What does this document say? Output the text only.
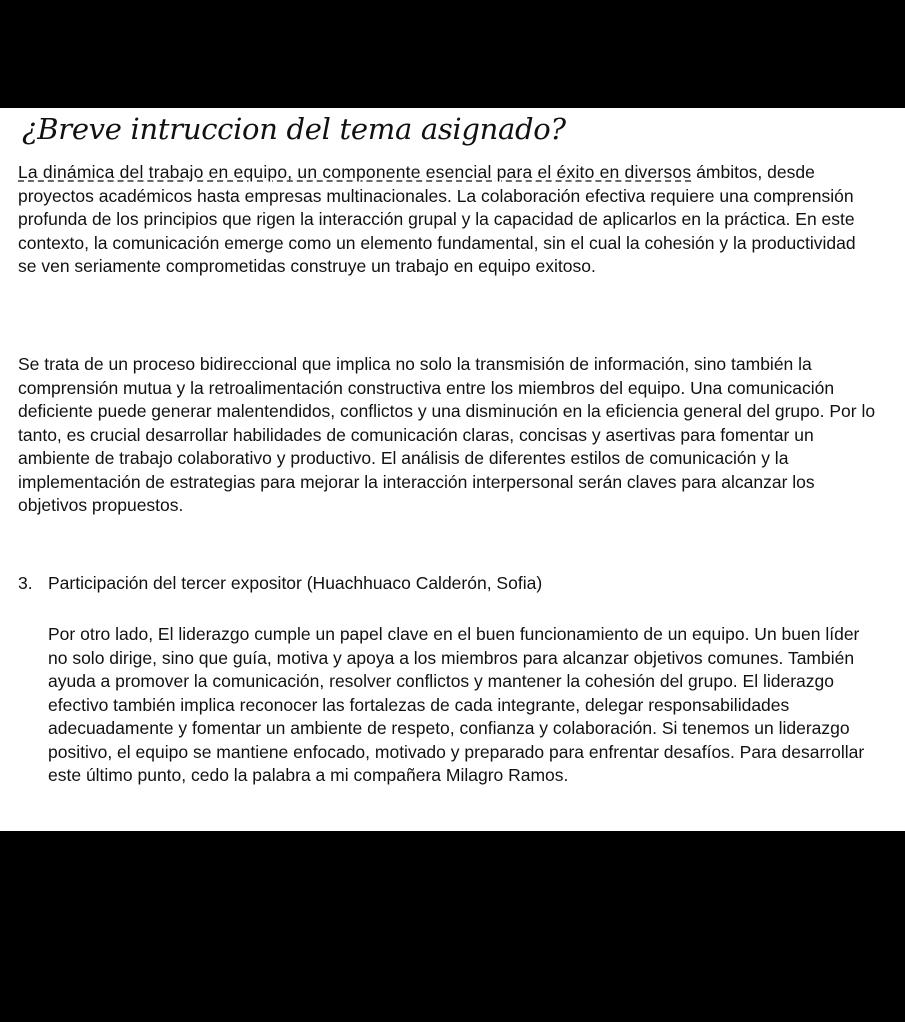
¿Breve intruccion del tema asignado?

La dinámica del trabajo en equipo, un componente esencial para el éxito en diversos ámbitos, desde proyectos académicos hasta empresas multinacionales. La colaboración efectiva requiere una comprensión profunda de los principios que rigen la interacción grupal y la capacidad de aplicarlos en la práctica. En este contexto, la comunicación emerge como un elemento fundamental, sin el cual la cohesión y la productividad se ven seriamente comprometidas construye un trabajo en equipo exitoso.

Se trata de un proceso bidireccional que implica no solo la transmisión de información, sino también la comprensión mutua y la retroalimentación constructiva entre los miembros del equipo. Una comunicación deficiente puede generar malentendidos, conflictos y una disminución en la eficiencia general del grupo. Por lo tanto, es crucial desarrollar habilidades de comunicación claras, concisas y asertivas para fomentar un ambiente de trabajo colaborativo y productivo. El análisis de diferentes estilos de comunicación y la implementación de estrategias para mejorar la interacción interpersonal serán claves para alcanzar los objetivos propuestos.

3. Participación del tercer expositor (Huachhuaco Calderón, Sofia)

Por otro lado, El liderazgo cumple un papel clave en el buen funcionamiento de un equipo. Un buen líder no solo dirige, sino que guía, motiva y apoya a los miembros para alcanzar objetivos comunes. También ayuda a promover la comunicación, resolver conflictos y mantener la cohesión del grupo. El liderazgo efectivo también implica reconocer las fortalezas de cada integrante, delegar responsabilidades adecuadamente y fomentar un ambiente de respeto, confianza y colaboración. Si tenemos un liderazgo positivo, el equipo se mantiene enfocado, motivado y preparado para enfrentar desafíos. Para desarrollar este último punto, cedo la palabra a mi compañera Milagro Ramos.
